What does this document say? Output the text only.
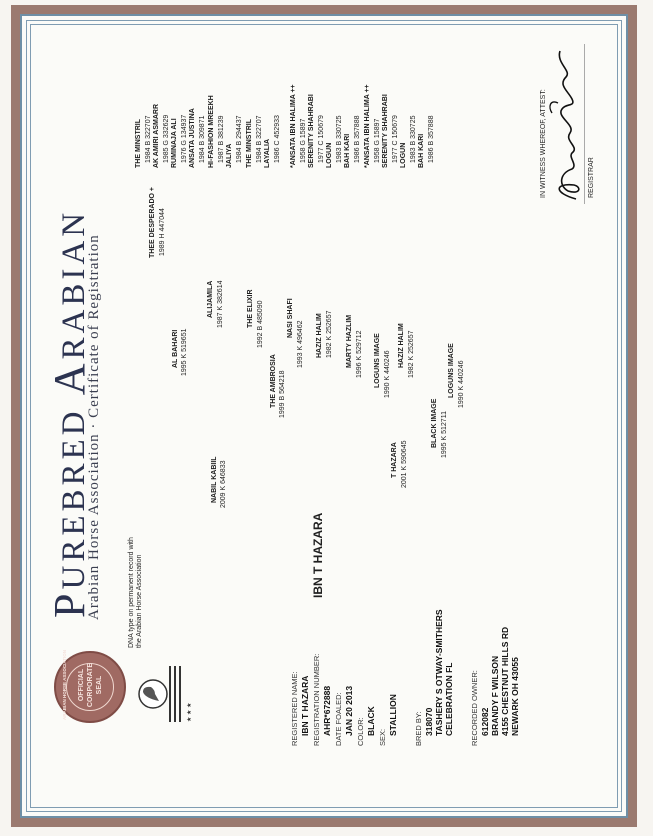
PUREBRED ARABIAN
Arabian Horse Association · Certificate of Registration
ARABIAN HORSE ASSOCIATION OFFICIAL CORPORATE SEAL
★ ★ ★
DNA type on permanent record with the Arabian Horse Association
REGISTERED NAME: IBN T HAZARA REGISTRATION NUMBER: AHR*672888 DATE FOALED: JAN 20 2013 COLOR: BLACK
SEX:
STALLION BRED BY: 318070 TASHERY S OTWAY-SMITHERS CELEBRATION FL RECORDED OWNER: 612082 BRANDY F WILSON 4155 CHESTNUT HILLS RD NEWARK OH 43055
IBN T HAZARA
NABIL KABIIL 2009 K 646833
AL BAHARI 1995 K 519651
THE AMBROSIA 1999 B 564218
THEE DESPERADO + 1989 H 447044
ALIJAMILA 1987 K 382614	THE ELIXIR 1992 B 485090	NASI SHAFI
1993 K 496462
THE MINSTRIL 1984 B 322707 AK AMIRI ASMARR 1985 G 332629 RUMINAJA ALI 1976 G 134937 ANSATA JUSTINA 1984 B 309871 HI-FASHION MREEKH 1987 B 381239 JALIYA 1984 B 294437 THE MINSTRIL 1984 B 322707 LAYALIA 1986 C 452933
T HAZARA 2001 K 590645
HAZIZ HALIM 1982 K 252657
BLACK IMAGE 1995 K 512711
MARTY HAZLIM 1996 K 529712 LOGUNS IMAGE 1990 K 440246
HAZIZ HALIM 1982 K 252657	LOGUNS IMAGE 1990 K 440246
*ANSATA IBN HALIMA ++ 1958 G 15897 SERENITY SHAHRABI 1977 C 150679 LOGUN 1983 B 330725 BAH KARI 1986 B 357888 *ANSATA IBN HALIMA ++ 1958 G 15897 SERENITY SHAHRABI 1977 C 150679 LOGUN 1983 B 330725 BAH KARI 1986 B 357888	IN WITNESS WHEREOF, ATTEST:	REGISTRAR
